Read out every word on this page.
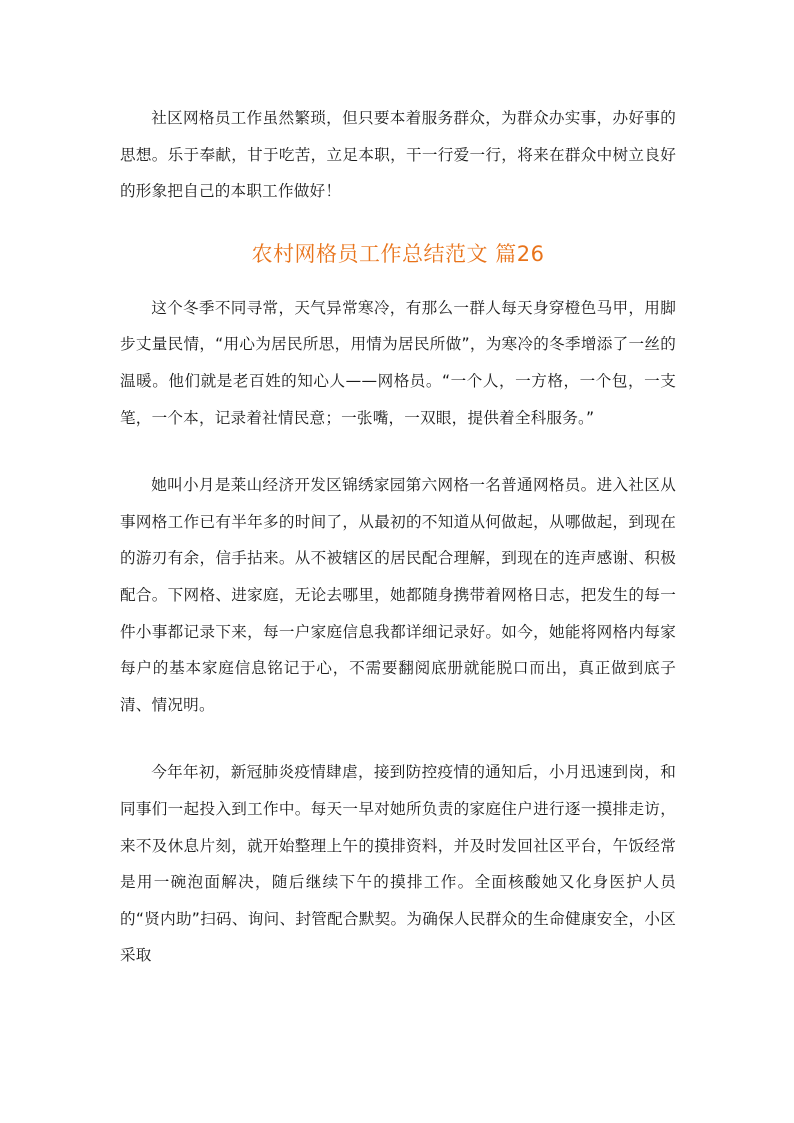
社区网格员工作虽然繁琐，但只要本着服务群众，为群众办实事，办好事的思想。乐于奉献，甘于吃苦，立足本职，干一行爱一行，将来在群众中树立良好的形象把自己的本职工作做好！

农村网格员工作总结范文 篇26

这个冬季不同寻常，天气异常寒冷，有那么一群人每天身穿橙色马甲，用脚步丈量民情，“用心为居民所思，用情为居民所做”，为寒冷的冬季增添了一丝的温暖。他们就是老百姓的知心人——网格员。“一个人，一方格，一个包，一支笔，一个本，记录着社情民意；一张嘴，一双眼，提供着全科服务。”

她叫小月是莱山经济开发区锦绣家园第六网格一名普通网格员。进入社区从事网格工作已有半年多的时间了，从最初的不知道从何做起，从哪做起，到现在的游刃有余，信手拈来。从不被辖区的居民配合理解，到现在的连声感谢、积极配合。下网格、进家庭，无论去哪里，她都随身携带着网格日志，把发生的每一件小事都记录下来，每一户家庭信息我都详细记录好。如今，她能将网格内每家每户的基本家庭信息铭记于心，不需要翻阅底册就能脱口而出，真正做到底子清、情况明。

今年年初，新冠肺炎疫情肆虐，接到防控疫情的通知后，小月迅速到岗，和同事们一起投入到工作中。每天一早对她所负责的家庭住户进行逐一摸排走访，来不及休息片刻，就开始整理上午的摸排资料，并及时发回社区平台，午饭经常是用一碗泡面解决，随后继续下午的摸排工作。全面核酸她又化身医护人员的“贤内助”扫码、询问、封管配合默契。为确保人民群众的生命健康安全，小区采取
